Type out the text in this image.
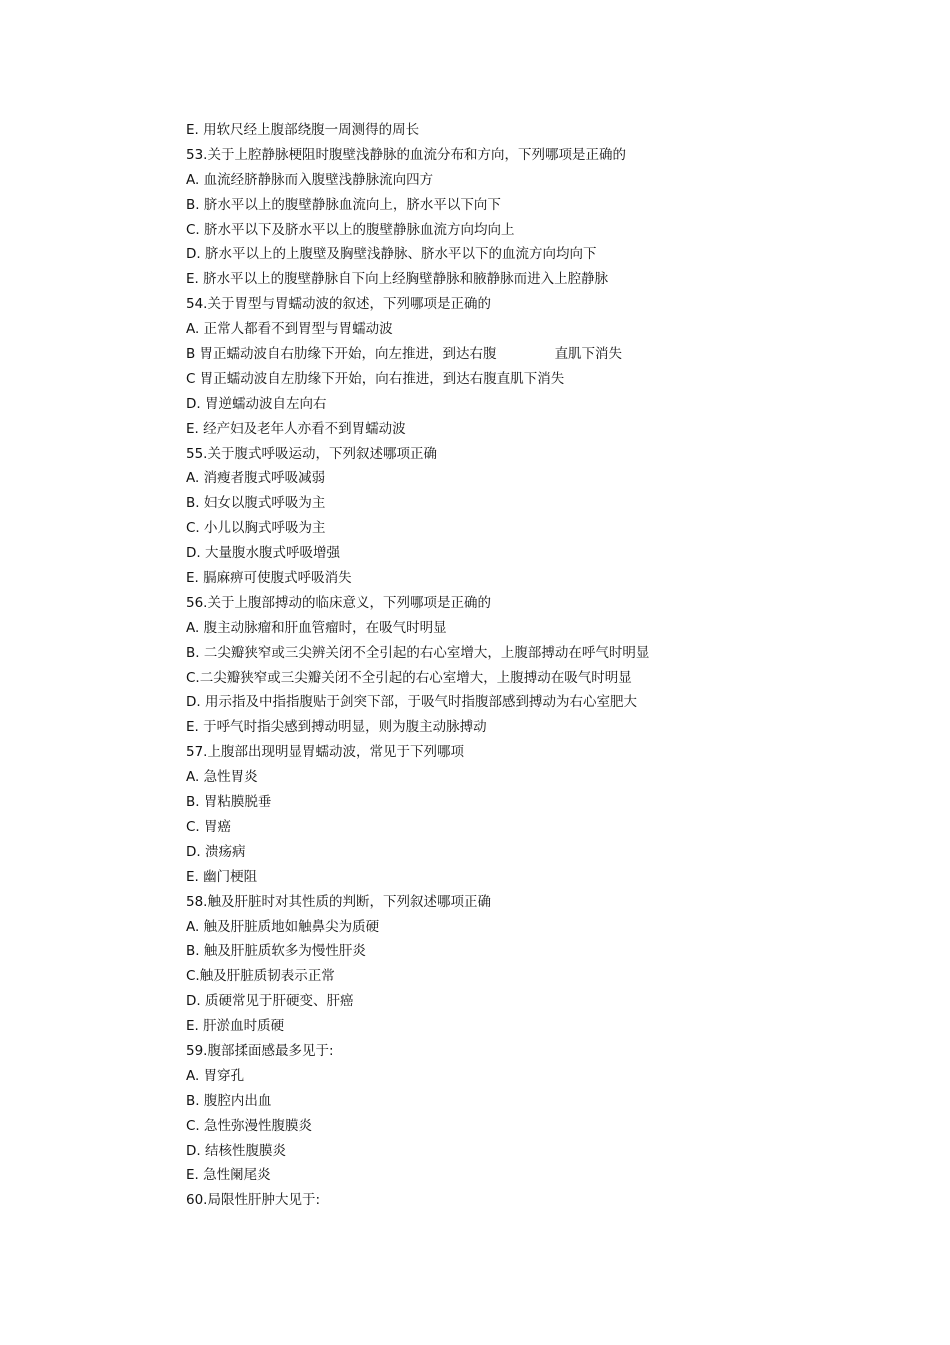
E. 用软尺经上腹部绕腹一周测得的周长
53.关于上腔静脉梗阻时腹壁浅静脉的血流分布和方向，下列哪项是正确的
A. 血流经脐静脉而入腹壁浅静脉流向四方
B. 脐水平以上的腹壁静脉血流向上，脐水平以下向下
C. 脐水平以下及脐水平以上的腹壁静脉血流方向均向上
D. 脐水平以上的上腹壁及胸壁浅静脉、脐水平以下的血流方向均向下
E. 脐水平以上的腹壁静脉自下向上经胸壁静脉和腋静脉而进入上腔静脉
54.关于胃型与胃蠕动波的叙述，下列哪项是正确的
A. 正常人都看不到胃型与胃蠕动波
B 胃正蠕动波自右肋缘下开始，向左推进，到达右腹	直肌下消失
C 胃正蠕动波自左肋缘下开始，向右推进，到达右腹直肌下消失
D. 胃逆蠕动波自左向右
E. 经产妇及老年人亦看不到胃蠕动波
55.关于腹式呼吸运动，下列叙述哪项正确
A. 消瘦者腹式呼吸减弱
B. 妇女以腹式呼吸为主
C. 小儿以胸式呼吸为主
D. 大量腹水腹式呼吸增强
E. 膈麻痹可使腹式呼吸消失
56.关于上腹部搏动的临床意义，下列哪项是正确的
A. 腹主动脉瘤和肝血管瘤时，在吸气时明显
B. 二尖瓣狭窄或三尖辨关闭不全引起的右心室增大，上腹部搏动在呼气时明显
C.二尖瓣狭窄或三尖瓣关闭不全引起的右心室增大，上腹搏动在吸气时明显
D. 用示指及中指指腹贴于剑突下部，于吸气时指腹部感到搏动为右心室肥大
E. 于呼气时指尖感到搏动明显，则为腹主动脉搏动
57.上腹部出现明显胃蠕动波，常见于下列哪项
A. 急性胃炎
B. 胃粘膜脱垂
C. 胃癌
D. 溃疡病
E. 幽门梗阻
58.触及肝脏时对其性质的判断，下列叙述哪项正确
A. 触及肝脏质地如触鼻尖为质硬
B. 触及肝脏质软多为慢性肝炎
C.触及肝脏质韧表示正常
D. 质硬常见于肝硬变、肝癌
E. 肝淤血时质硬
59.腹部揉面感最多见于:
A. 胃穿孔
B. 腹腔内出血
C. 急性弥漫性腹膜炎
D. 结核性腹膜炎
E. 急性阑尾炎
60.局限性肝肿大见于:
